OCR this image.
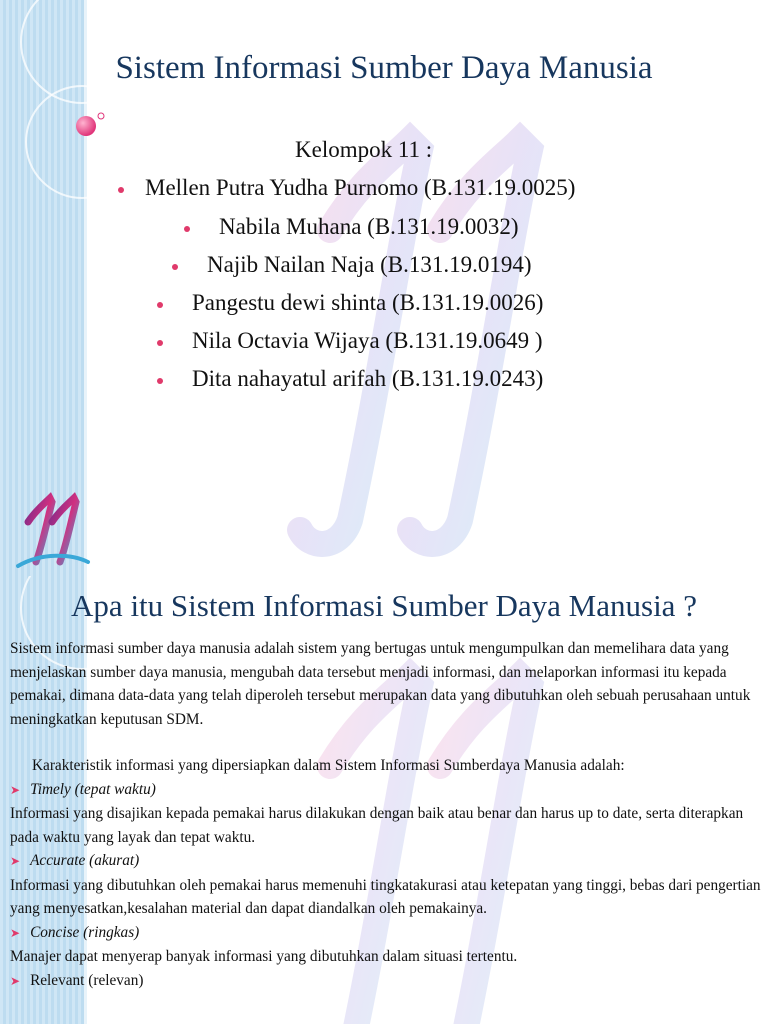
Sistem Informasi Sumber Daya Manusia
Kelompok 11 :
Mellen Putra Yudha Purnomo (B.131.19.0025)
Nabila Muhana (B.131.19.0032)
Najib Nailan Naja (B.131.19.0194)
Pangestu dewi shinta (B.131.19.0026)
Nila Octavia Wijaya (B.131.19.0649 )
Dita nahayatul arifah (B.131.19.0243)
Apa itu Sistem Informasi Sumber Daya Manusia ?

Sistem informasi sumber daya manusia adalah sistem yang bertugas untuk mengumpulkan dan memelihara data yang menjelaskan sumber daya manusia, mengubah data tersebut menjadi informasi, dan melaporkan informasi itu kepada pemakai, dimana data-data yang telah diperoleh tersebut merupakan data yang dibutuhkan oleh sebuah perusahaan untuk meningkatkan keputusan SDM.

Karakteristik informasi yang dipersiapkan dalam Sistem Informasi Sumberdaya Manusia adalah:

➤ Timely (tepat waktu)

Informasi yang disajikan kepada pemakai harus dilakukan dengan baik atau benar dan harus up to date, serta diterapkan pada waktu yang layak dan tepat waktu.

➤ Accurate (akurat)

Informasi yang dibutuhkan oleh pemakai harus memenuhi tingkatakurasi atau ketepatan yang tinggi, bebas dari pengertian yang menyesatkan,kesalahan material dan dapat diandalkan oleh pemakainya.

➤ Concise (ringkas)

Manajer dapat menyerap banyak informasi yang dibutuhkan dalam situasi tertentu.

➤ Relevant (relevan)
